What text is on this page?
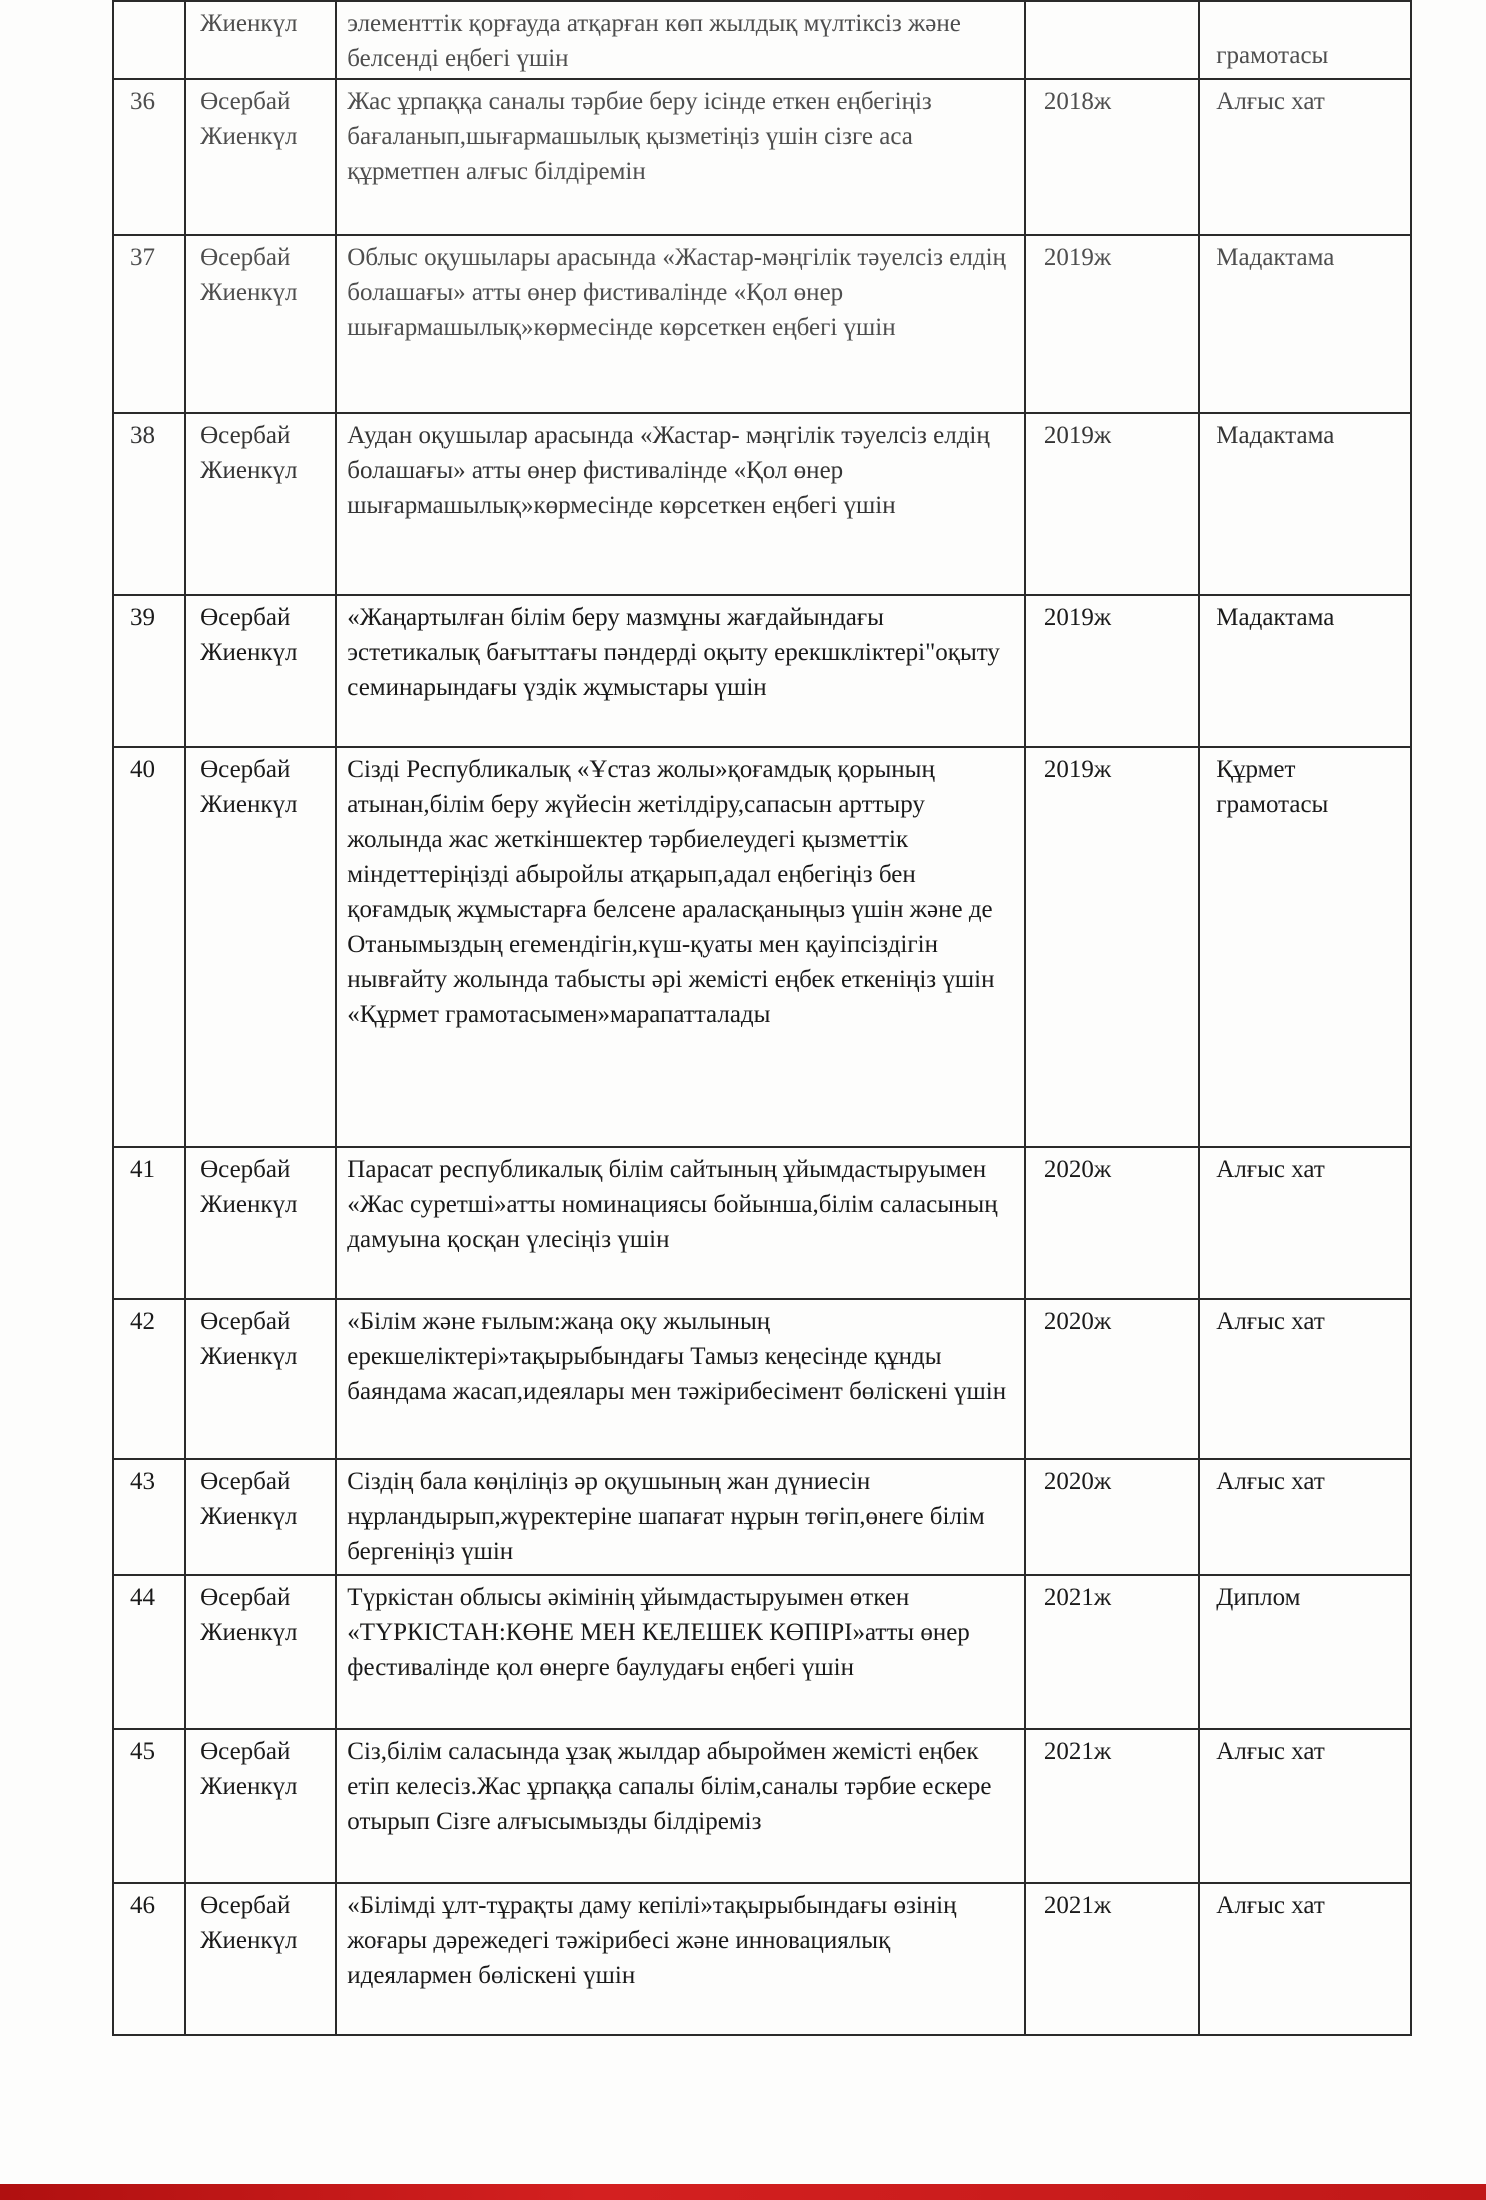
	Жиенкүл	элементтік қорғауда атқарған көп жылдық мүлтіксіз және белсенді еңбегі үшін		грамотасы
36	Өсербай Жиенкүл	Жас ұрпаққа саналы тәрбие беру ісінде еткен еңбегіңіз бағаланып,шығармашылық қызметіңіз үшін сізге аса құрметпен алғыс білдіремін	2018ж	Алғыс хат
37	Өсербай Жиенкүл	Облыс оқушылары арасында «Жастар-мәңгілік тәуелсіз елдің болашағы» атты өнер фистивалінде «Қол өнер шығармашылық»көрмесінде көрсеткен еңбегі үшін	2019ж	Мадактама
38	Өсербай Жиенкүл	Аудан оқушылар арасында «Жастар- мәңгілік тәуелсіз елдің болашағы» атты өнер фистивалінде «Қол өнер шығармашылық»көрмесінде көрсеткен еңбегі үшін	2019ж	Мадактама
39	Өсербай Жиенкүл	«Жаңартылған білім беру мазмұны жағдайындағы эстетикалық бағыттағы пәндерді оқыту ерекшкліктері"оқыту семинарындағы үздік жұмыстары үшін	2019ж	Мадактама
40	Өсербай Жиенкүл	Сізді Республикалық «Ұстаз жолы»қоғамдық қорының атынан,білім беру жүйесін жетілдіру,сапасын арттыру жолында жас жеткіншектер тәрбиелеудегі қызметтік міндеттеріңізді абыройлы атқарып,адал еңбегіңіз бен қоғамдық жұмыстарға белсене араласқаныңыз үшін және де Отанымыздың егемендігін,күш-қуаты мен қауіпсіздігін нывғайту жолында табысты әрі жемісті еңбек еткеніңіз үшін «Құрмет грамотасымен»марапатталады	2019ж	Құрмет грамотасы
41	Өсербай Жиенкүл	Парасат республикалық білім сайтының ұйымдастыруымен «Жас суретші»атты номинациясы бойынша,білім саласының дамуына қосқан үлесіңіз үшін	2020ж	Алғыс хат
42	Өсербай Жиенкүл	«Білім және ғылым:жаңа оқу жылының ерекшеліктері»тақырыбындағы Тамыз кеңесінде құнды баяндама жасап,идеялары мен тәжірибесімент бөліскені үшін	2020ж	Алғыс хат
43	Өсербай Жиенкүл	Сіздің бала көңіліңіз әр оқушының жан дүниесін нұрландырып,жүректеріне шапағат нұрын төгіп,өнеге білім бергеніңіз үшін	2020ж	Алғыс хат
44	Өсербай Жиенкүл	Түркістан облысы әкімінің ұйымдастыруымен өткен «ТҮРКІСТАН:КӨНЕ МЕН КЕЛЕШЕК КӨПІРІ»атты өнер фестивалінде қол өнерге баулудағы еңбегі үшін	2021ж	Диплом
45	Өсербай Жиенкүл	Сіз,білім саласында ұзақ жылдар абыроймен жемісті еңбек етіп келесіз.Жас ұрпаққа сапалы білім,саналы тәрбие ескере отырып Сізге алғысымызды білдіреміз	2021ж	Алғыс хат
46	Өсербай Жиенкүл	«Білімді ұлт-тұрақты даму кепілі»тақырыбындағы өзінің жоғары дәрежедегі тәжірибесі және инновациялық идеялармен бөліскені үшін	2021ж	Алғыс хат
